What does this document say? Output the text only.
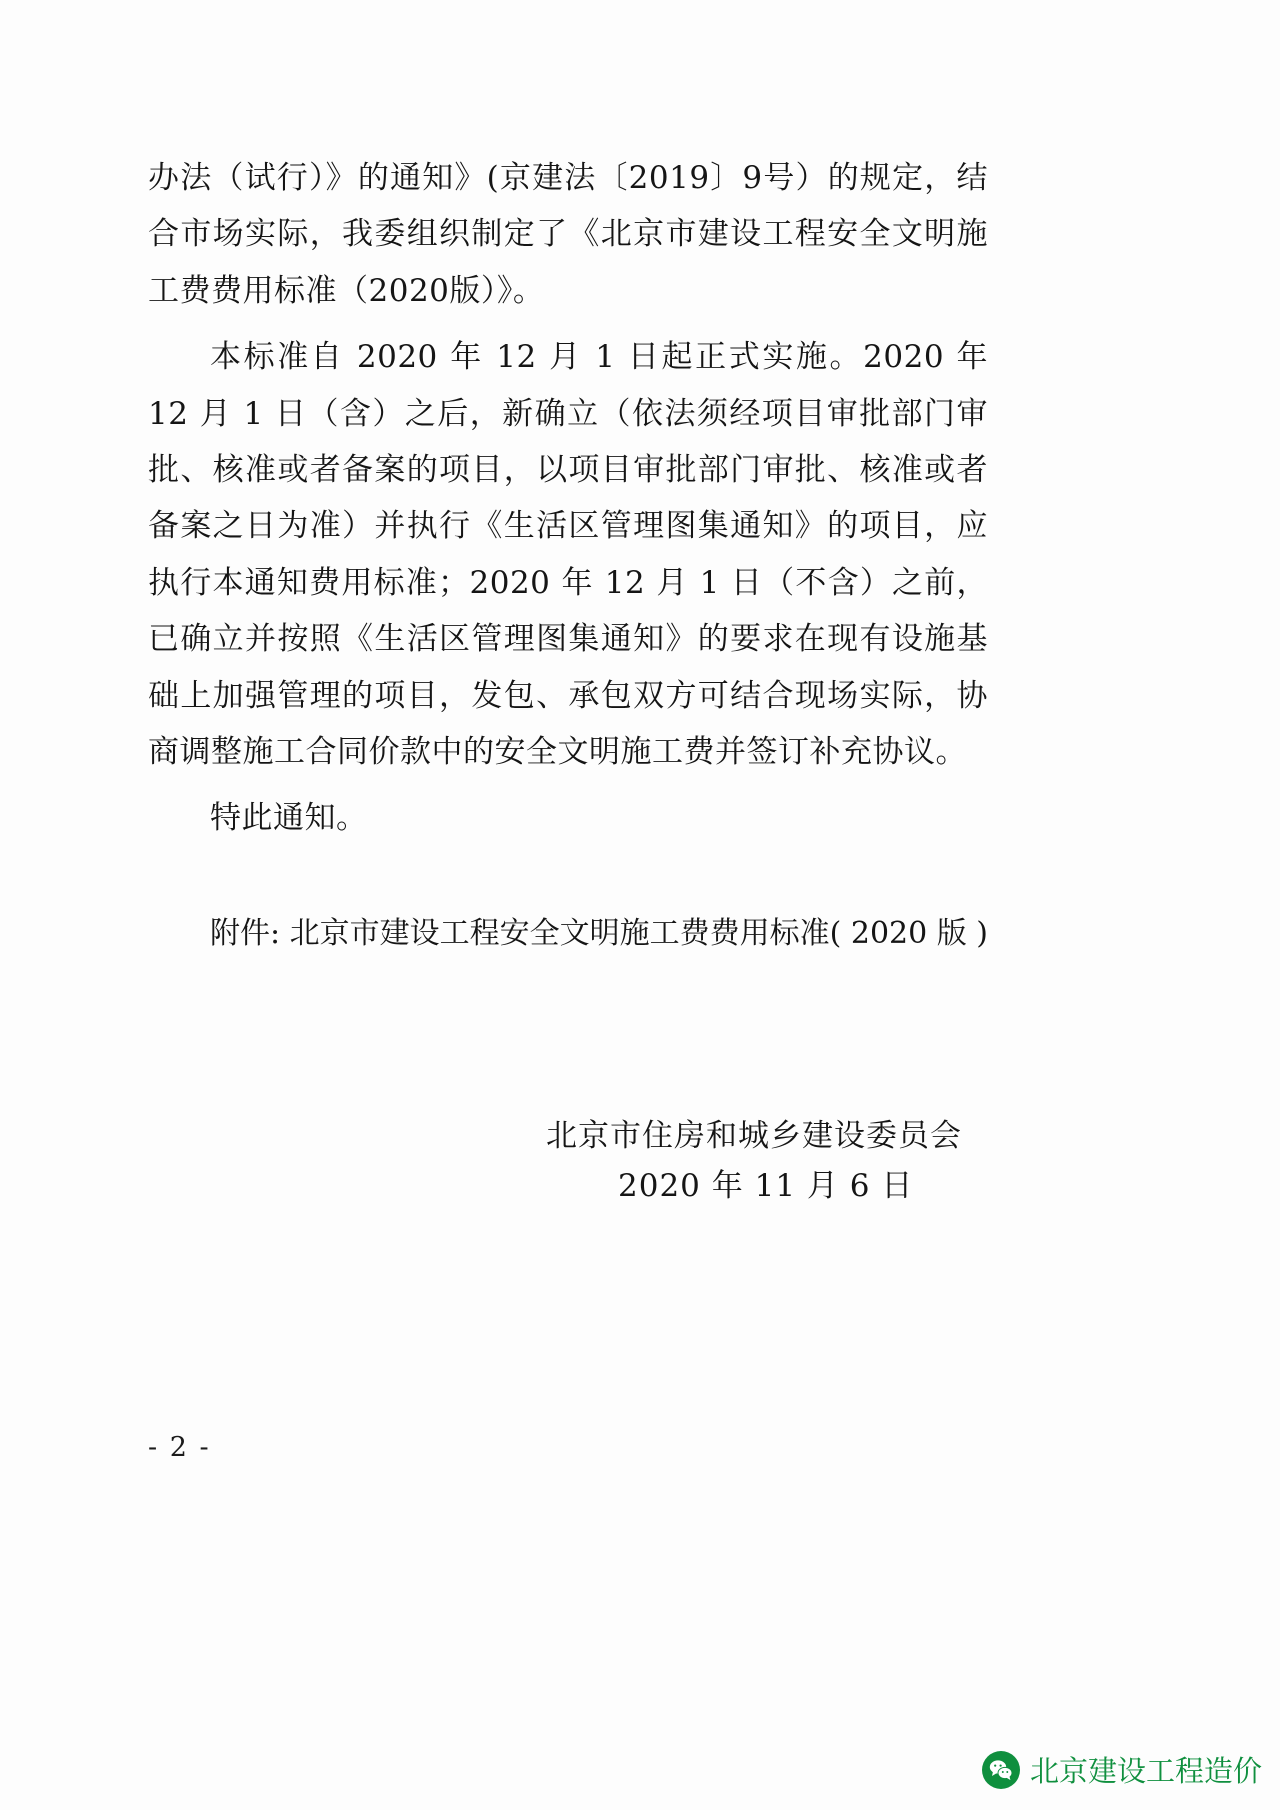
办法（试行）》的通知》(京建法〔2019〕9号）的规定，结合市场实际，我委组织制定了《北京市建设工程安全文明施工费费用标准（2020版）》。

本标准自 2020 年 12 月 1 日起正式实施。2020 年 12 月 1 日（含）之后，新确立（依法须经项目审批部门审批、核准或者备案的项目，以项目审批部门审批、核准或者备案之日为准）并执行《生活区管理图集通知》的项目，应执行本通知费用标准；2020 年 12 月 1 日（不含）之前，已确立并按照《生活区管理图集通知》的要求在现有设施基础上加强管理的项目，发包、承包双方可结合现场实际，协商调整施工合同价款中的安全文明施工费并签订补充协议。

特此通知。

附件: 北京市建设工程安全文明施工费费用标准( 2020 版 )

北京市住房和城乡建设委员会
2020 年 11 月 6 日
- 2 -
北京建设工程造价
